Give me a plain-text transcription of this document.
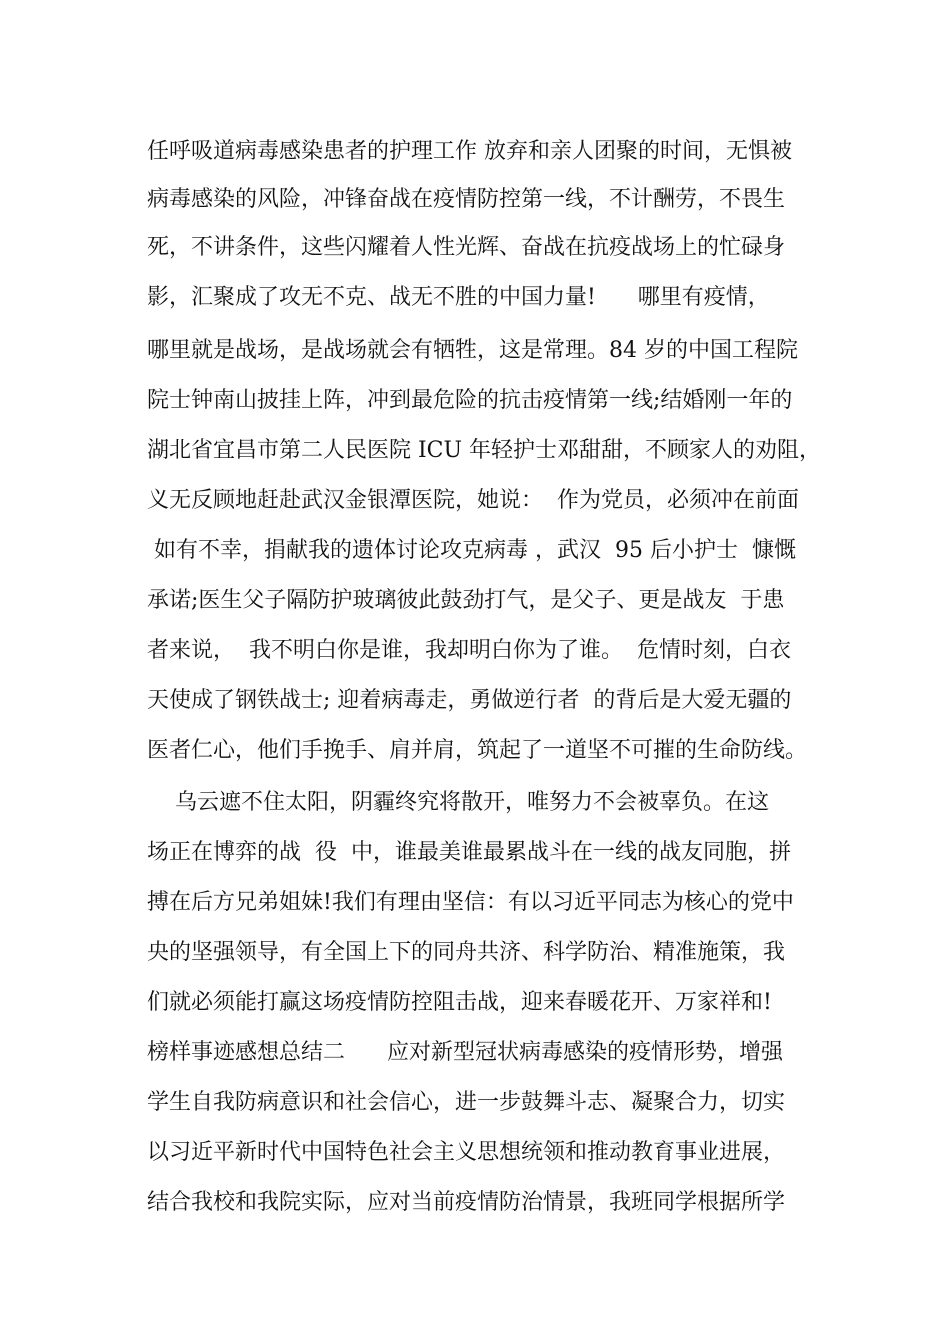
任呼吸道病毒感染患者的护理工作 放弃和亲人团聚的时间，无惧被
病毒感染的风险，冲锋奋战在疫情防控第一线，不计酬劳，不畏生
死，不讲条件，这些闪耀着人性光辉、奋战在抗疫战场上的忙碌身
影，汇聚成了攻无不克、战无不胜的中国力量!      哪里有疫情，
哪里就是战场，是战场就会有牺牲，这是常理。84 岁的中国工程院
院士钟南山披挂上阵，冲到最危险的抗击疫情第一线;结婚刚一年的
湖北省宜昌市第二人民医院 ICU 年轻护士邓甜甜，不顾家人的劝阻，
义无反顾地赶赴武汉金银潭医院，她说：  作为党员，必须冲在前面
如有不幸，捐献我的遗体讨论攻克病毒 ，武汉  95 后小护士  慷慨
承诺;医生父子隔防护玻璃彼此鼓劲打气，是父子、更是战友  于患
者来说，  我不明白你是谁，我却明白你为了谁。  危情时刻，白衣
天使成了钢铁战士; 迎着病毒走，勇做逆行者  的背后是大爱无疆的
医者仁心，他们手挽手、肩并肩，筑起了一道坚不可摧的生命防线。
乌云遮不住太阳，阴霾终究将散开，唯努力不会被辜负。在这
场正在博弈的战  役  中，谁最美谁最累战斗在一线的战友同胞，拼
搏在后方兄弟姐妹!我们有理由坚信：有以习近平同志为核心的党中
央的坚强领导，有全国上下的同舟共济、科学防治、精准施策，我
们就必须能打赢这场疫情防控阻击战，迎来春暖花开、万家祥和!
榜样事迹感想总结二      应对新型冠状病毒感染的疫情形势，增强
学生自我防病意识和社会信心，进一步鼓舞斗志、凝聚合力，切实
以习近平新时代中国特色社会主义思想统领和推动教育事业进展，
结合我校和我院实际，应对当前疫情防治情景，我班同学根据所学
